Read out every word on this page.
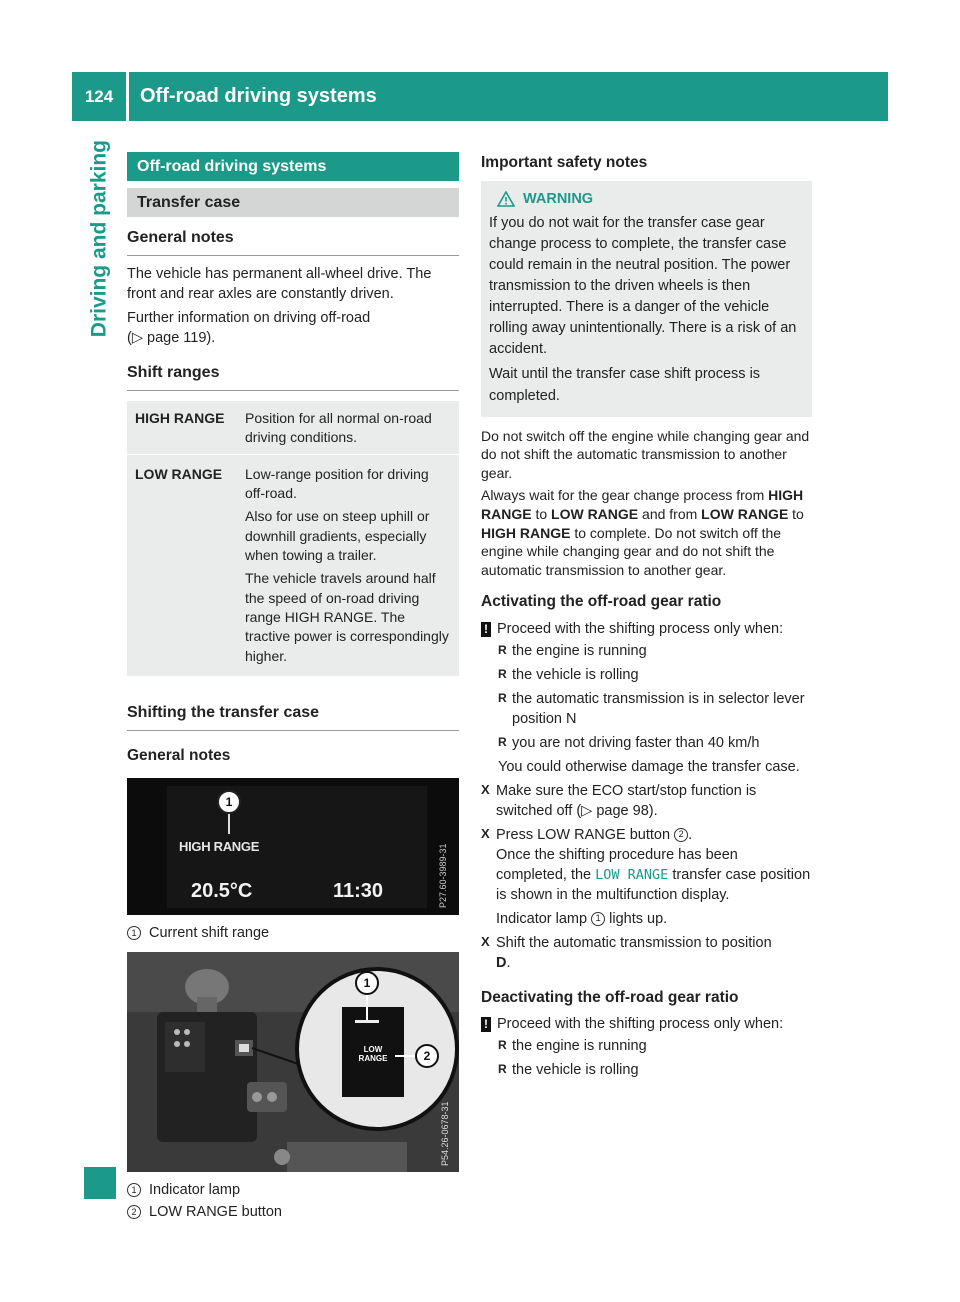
124	Off-road driving systems
Driving and parking	Off-road driving systems
Transfer case
General notes

The vehicle has permanent all-wheel drive. The front and rear axles are constantly driven.

Further information on driving off-road

(▷ page 119).

Shift ranges
HIGH RANGE	Position for all normal on-road driving conditions.
LOW RANGE	Low-range position for driving off-road.

Also for use on steep uphill or downhill gradients, especially when towing a trailer.

The vehicle travels around half the speed of on-road driving range HIGH RANGE. The tractive power is correspondingly higher.

Shifting the transfer case
General notes
1
HIGH RANGE
20.5°C	11:30	P27.60-3989-31
1 Current shift range
1
2
LOW
RANGE
P54.26-0678-31
1 Indicator lamp
2 LOW RANGE button
Important safety notes
WARNING

If you do not wait for the transfer case gear change process to complete, the transfer case could remain in the neutral position. The power transmission to the driven wheels is then interrupted. There is a danger of the vehicle rolling away unintentionally. There is a risk of an accident.

Wait until the transfer case shift process is completed.

Do not switch off the engine while changing gear and do not shift the automatic transmission to another gear.

Always wait for the gear change process from HIGH RANGE to LOW RANGE and from LOW RANGE to HIGH RANGE to complete. Do not switch off the engine while changing gear and do not shift the automatic transmission to another gear.

Activating the off-road gear ratio

! Proceed with the shifting process only when:

R the engine is running
R the vehicle is rolling
R the automatic transmission is in selector lever position N
R you are not driving faster than 40 km/h

You could otherwise damage the transfer case.

X Make sure the ECO start/stop function is switched off (▷ page 98).
X Press LOW RANGE button 2 .
Once the shifting procedure has been completed, the LOW RANGE transfer case position is shown in the multifunction display.
Indicator lamp 1 lights up.
X Shift the automatic transmission to position
D.
Deactivating the off-road gear ratio

! Proceed with the shifting process only when:

R the engine is running
R the vehicle is rolling
